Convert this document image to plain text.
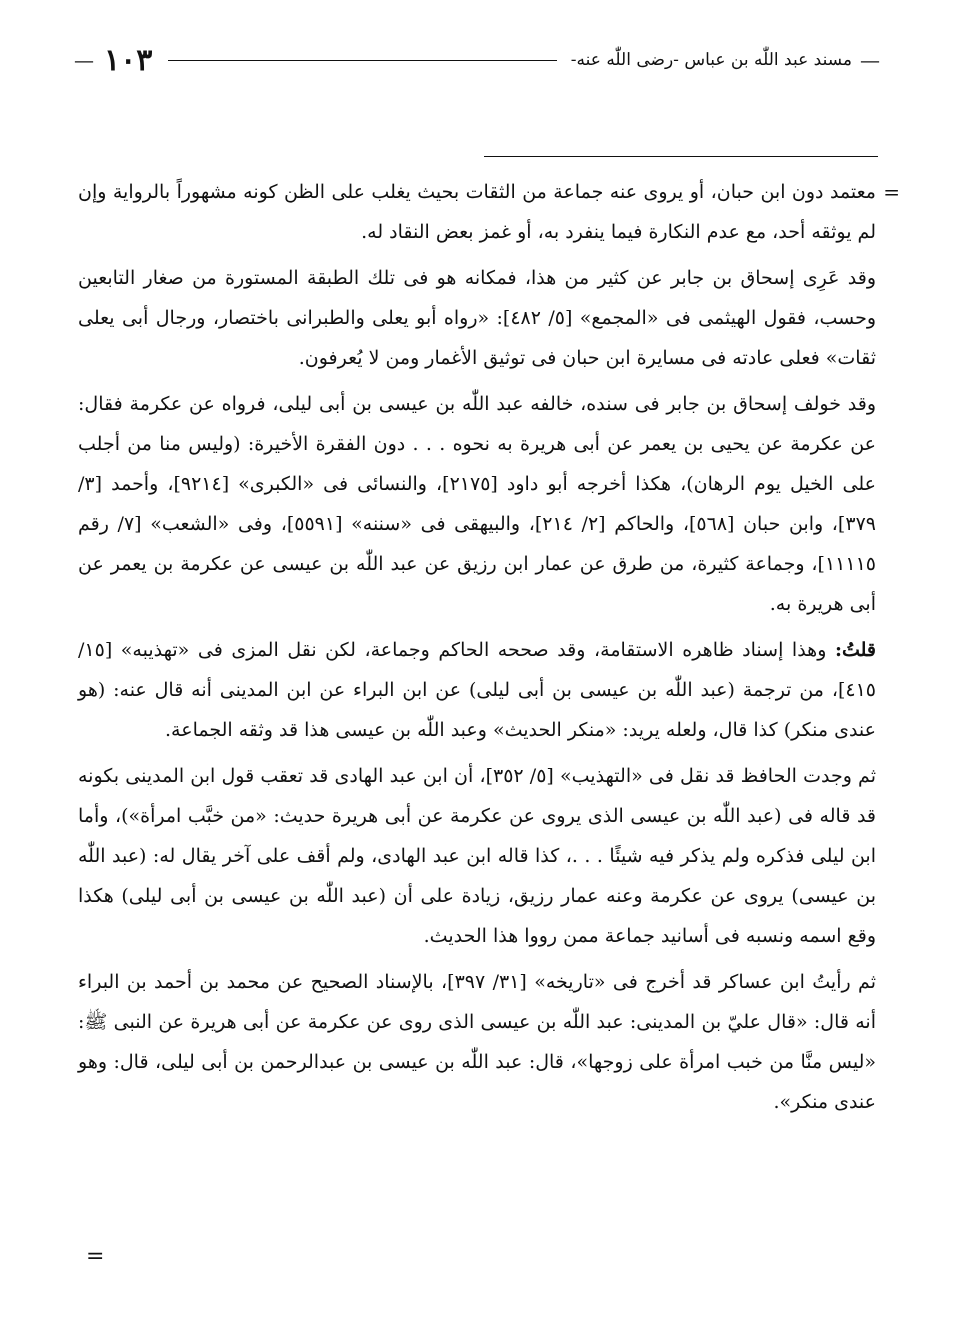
—
مسند عبد اللّٰه بن عباس -رضى اللّٰه عنه-
١٠٣
—

=
معتمد دون ابن حبان، أو يروى عنه جماعة من الثقات بحيث يغلب على الظن كونه مشهوراً بالرواية وإن لم يوثقه أحد، مع عدم النكارة فيما ينفرد به، أو غمز بعض النقاد له.

وقد عَرِى إسحاق بن جابر عن كثير من هذا، فمكانه هو فى تلك الطبقة المستورة من صغار التابعين وحسب، فقول الهيثمى فى «المجمع» [٥/ ٤٨٢]: «رواه أبو يعلى والطبرانى باختصار، ورجال أبى يعلى ثقات» فعلى عادته فى مسايرة ابن حبان فى توثيق الأغمار ومن لا يُعرفون.

وقد خولف إسحاق بن جابر فى سنده، خالفه عبد اللّٰه بن عيسى بن أبى ليلى، فرواه عن عكرمة فقال: عن عكرمة عن يحيى بن يعمر عن أبى هريرة به نحوه . . . دون الفقرة الأخيرة: (وليس منا من أجلب على الخيل يوم الرهان)، هكذا أخرجه أبو داود [٢١٧٥]، والنسائى فى «الكبرى» [٩٢١٤]، وأحمد [٣/ ٣٧٩]، وابن حبان [٥٦٨]، والحاكم [٢/ ٢١٤]، والبيهقى فى «سننه» [٥٥٩١]، وفى «الشعب» [٧/ رقم ١١١١٥]، وجماعة كثيرة، من طرق عن عمار ابن رزيق عن عبد اللّٰه بن عيسى عن عكرمة بن يعمر عن أبى هريرة به.

قلتُ: وهذا إسناد ظاهره الاستقامة، وقد صححه الحاكم وجماعة، لكن نقل المزى فى «تهذيبه» [١٥/ ٤١٥]، من ترجمة (عبد اللّٰه بن عيسى بن أبى ليلى) عن ابن البراء عن ابن المدينى أنه قال عنه: (هو عندى منكر) كذا قال، ولعله يريد: «منكر الحديث» وعبد اللّٰه بن عيسى هذا قد وثقه الجماعة.

ثم وجدت الحافظ قد نقل فى «التهذيب» [٥/ ٣٥٢]، أن ابن عبد الهادى قد تعقب قول ابن المدينى بكونه قد قاله فى (عبد اللّٰه بن عيسى الذى يروى عن عكرمة عن أبى هريرة حديث: «من خبَّب امرأة»)، وأما ابن ليلى فذكره ولم يذكر فيه شيئًا . . .، كذا قاله ابن عبد الهادى، ولم أقف على آخر يقال له: (عبد اللّٰه بن عيسى) يروى عن عكرمة وعنه عمار رزيق، زيادة على أن (عبد اللّٰه بن عيسى بن أبى ليلى) هكذا وقع اسمه ونسبه فى أسانيد جماعة ممن رووا هذا الحديث.

ثم رأيتُ ابن عساكر قد أخرج فى «تاريخه» [٣١/ ٣٩٧]، بالإسناد الصحيح عن محمد بن أحمد بن البراء أنه قال: «قال عليّ بن المدينى: عبد اللّٰه بن عيسى الذى روى عن عكرمة عن أبى هريرة عن النبى ﷺ: «ليس منَّا من خبب امرأة على زوجها»، قال: عبد اللّٰه بن عيسى بن عبدالرحمن بن أبى ليلى، قال: وهو عندى منكر».

=
